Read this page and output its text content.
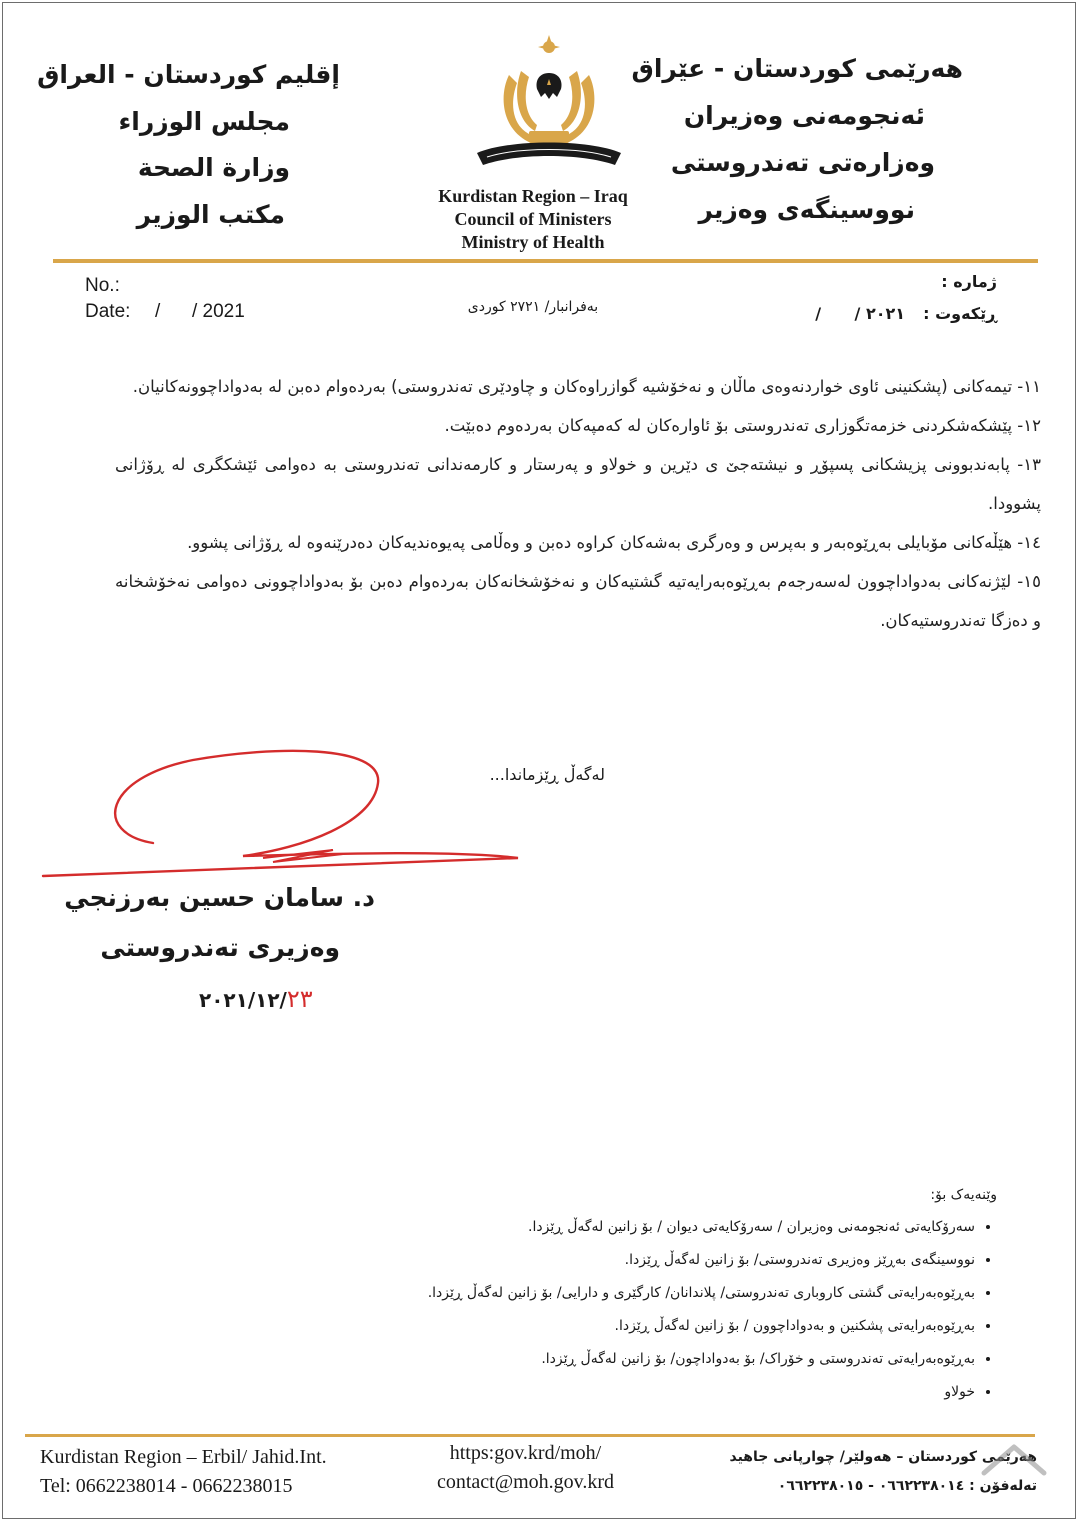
إقليم كوردستان - العراق
مجلس الوزراء
وزارة الصحة
مكتب الوزير
Kurdistan Region – Iraq
Council of Ministers
Ministry of Health
هەرێمی کوردستان - عێراق
ئەنجومەنی وەزیران
وەزارەتی تەندروستی
نووسینگەی وەزیر
No.:
Date: /      / 2021	بەفرانبار/ ٢٧٢١ کوردی
ژمارە :
ڕێکەوت :
٢٠٢١ /      /

١١- تیمەکانی (پشکنینی ئاوی خواردنەوەی ماڵان و نەخۆشیە گوازراوەکان و چاودێری تەندروستی) بەردەوام دەبن لە بەدواداچوونەکانیان.

١٢- پێشکەشکردنی خزمەتگوزاری تەندروستی بۆ ئاوارەکان لە کەمپەکان بەردەوم دەبێت.

١٣- پابەندبوونی پزیشکانی پسپۆڕ و نیشتەجێ ی دێرین و خولاو و پەرستار و کارمەندانی تەندروستی بە دەوامی ئێشکگری لە ڕۆژانی پشوودا.

١٤- هێڵەکانی مۆبایلی بەڕێوەبەر و بەپرس و وەرگری بەشەکان کراوە دەبن و وەڵامی پەیوەندیەکان دەدرێنەوە لە ڕۆژانی پشوو.

١٥- لێژنەکانی بەدواداچوون لەسەرجەم بەڕێوەبەرایەتیە گشتیەکان و نەخۆشخانەکان بەردەوام دەبن بۆ بەدواداچوونی دەوامی نەخۆشخانە و دەزگا تەندروستیەکان.

لەگەڵ ڕێزماندا...
د. سامان حسين بەرزنجي
وەزیری تەندروستی
٢٠٢١/١٢/٢٣
وێنەیەک بۆ:
• سەرۆکایەتی ئەنجومەنی وەزیران / سەرۆکایەتی دیوان / بۆ زانین لەگەڵ ڕێزدا.
• نووسینگەی بەڕێز وەزیری تەندروستی/ بۆ زانین لەگەڵ ڕێزدا.
• بەڕێوەبەرایەتی گشتی کاروباری تەندروستی/ پلاندانان/ کارگێری و دارایی/ بۆ زانین لەگەڵ ڕێزدا.
• بەڕێوەبەرایەتی پشکنین و بەدواداچوون / بۆ زانین لەگەڵ ڕێزدا.
• بەڕێوەبەرایەتی تەندروستی و خۆراک/ بۆ بەدواداچون/ بۆ زانین لەگەڵ ڕێزدا.
• خولاو
Kurdistan Region – Erbil/ Jahid.Int.
Tel: 0662238014 - 0662238015
https:gov.krd/moh/
contact@moh.gov.krd
هەرێمی کوردستان – هەولێر/ چوارپانی جاهید
تەلەفۆن : ٠٦٦٢٢٣٨٠١٤ - ٠٦٦٢٢٣٨٠١٥
